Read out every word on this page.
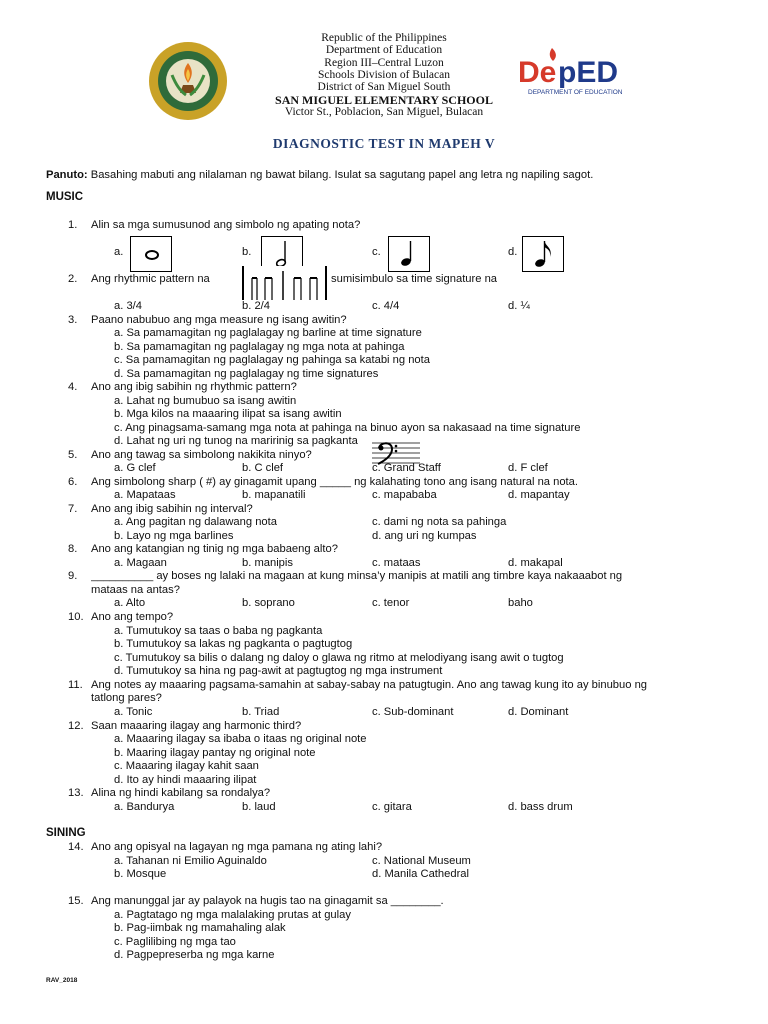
Republic of the Philippines
Department of Education
Region III–Central Luzon
Schools Division of Bulacan
District of San Miguel South
SAN MIGUEL ELEMENTARY SCHOOL
Victor St., Poblacion, San Miguel, Bulacan
De pED
DEPARTMENT OF EDUCATION
DIAGNOSTIC TEST IN MAPEH V
Panuto: Basahing mabuti ang nilalaman ng bawat bilang. Isulat sa sagutang papel ang letra ng napiling sagot.
MUSIC
1. Alin sa mga sumusunod ang simbolo ng apating nota?
a.	b.	c.	d.
2. Ang rhythmic pattern na	sumisimbulo sa time signature na
a. 3/4	b. 2/4	c. 4/4	d. ¼
3. Paano nabubuo ang mga measure ng isang awitin?
a. Sa pamamagitan ng paglalagay ng barline at time signature
b. Sa pamamagitan ng paglalagay ng mga nota at pahinga
c. Sa pamamagitan ng paglalagay ng pahinga sa katabi ng nota
d. Sa pamamagitan ng paglalagay ng time signatures
4. Ano ang ibig sabihin ng rhythmic pattern?
a. Lahat ng bumubuo sa isang awitin
b. Mga kilos na maaaring ilipat sa isang awitin
c. Ang pinagsama-samang mga nota at pahinga na binuo ayon sa nakasaad na time signature
d. Lahat ng uri ng tunog na maririnig sa pagkanta
5. Ano ang tawag sa simbolong nakikita ninyo?
a. G clef	b. C clef	c. Grand Staff	d. F clef
6. Ang simbolong sharp ( #) ay ginagamit upang _____ ng kalahating tono ang isang natural na nota.
a. Mapataas	b. mapanatili	c. mapababa	d. mapantay
7. Ano ang ibig sabihin ng interval?
a. Ang pagitan ng dalawang nota	c. dami ng nota sa pahinga
b. Layo ng mga barlines	d. ang uri ng kumpas
8. Ano ang katangian ng tinig ng mga babaeng alto?
a. Magaan	b. manipis	c. mataas	d. makapal
9. __________ ay boses ng lalaki na magaan at kung minsa’y manipis at matili ang timbre kaya nakaaabot ng
mataas na antas?
a. Alto	b. soprano	c. tenor	baho
10. Ano ang tempo?
a. Tumutukoy sa taas o baba ng pagkanta
b. Tumutukoy sa lakas ng pagkanta o pagtugtog
c. Tumutukoy sa bilis o dalang ng daloy o glawa ng ritmo at melodiyang isang awit o tugtog
d. Tumutukoy sa hina ng pag-awit at pagtugtog ng mga instrument
11. Ang notes ay maaaring pagsama-samahin at sabay-sabay na patugtugin. Ano ang tawag kung ito ay binubuo ng
tatlong pares?
a. Tonic	b. Triad	c. Sub-dominant	d. Dominant
12. Saan maaaring ilagay ang harmonic third?
a. Maaaring ilagay sa ibaba o itaas ng original note
b. Maaring ilagay pantay ng original note
c. Maaaring ilagay kahit saan
d. Ito ay hindi maaaring ilipat
13. Alina ng hindi kabilang sa rondalya?
a. Bandurya	b. laud	c. gitara	d. bass drum
SINING
14. Ano ang opisyal na lagayan ng mga pamana ng ating lahi?
a. Tahanan ni Emilio Aguinaldo	c. National Museum
b. Mosque	d. Manila Cathedral
15. Ang manunggal jar ay palayok na hugis tao na ginagamit sa ________.
a. Pagtatago ng mga malalaking prutas at gulay
b. Pag-iimbak ng mamahaling alak
c. Paglilibing ng mga tao
d. Pagpepreserba ng mga karne
RAV_2018
